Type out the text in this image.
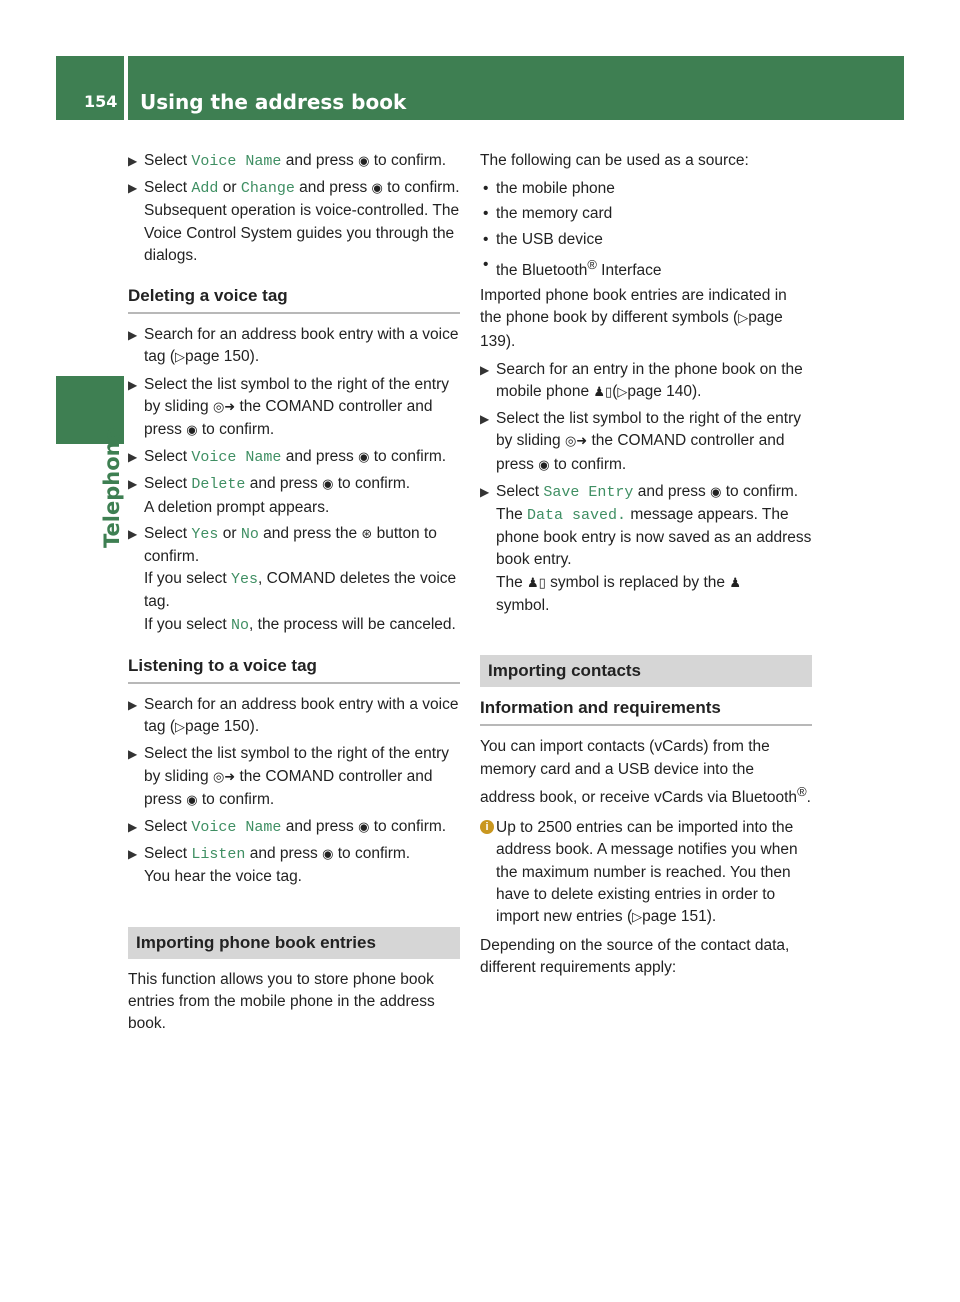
154 Using the address book
Telephone
▶ Select Voice Name and press ◉ to confirm.
▶ Select Add or Change and press ◉ to confirm.
Subsequent operation is voice-controlled. The Voice Control System guides you through the dialogs.
Deleting a voice tag
▶ Search for an address book entry with a voice tag (▷page 150).
▶ Select the list symbol to the right of the entry by sliding ◎➜ the COMAND controller and press ◉ to confirm.
▶ Select Voice Name and press ◉ to confirm.
▶ Select Delete and press ◉ to confirm.
A deletion prompt appears.
▶ Select Yes or No and press the ⊛ button to confirm.
If you select Yes, COMAND deletes the voice tag.
If you select No, the process will be canceled.
Listening to a voice tag
▶ Search for an address book entry with a voice tag (▷page 150).
▶ Select the list symbol to the right of the entry by sliding ◎➜ the COMAND controller and press ◉ to confirm.
▶ Select Voice Name and press ◉ to confirm.
▶ Select Listen and press ◉ to confirm.
You hear the voice tag.
Importing phone book entries

This function allows you to store phone book entries from the mobile phone in the address book.

The following can be used as a source:

• the mobile phone
• the memory card
• the USB device
• the Bluetooth® Interface

Imported phone book entries are indicated in the phone book by different symbols (▷page 139).

▶ Search for an entry in the phone book on the mobile phone ♟▯(▷page 140).
▶ Select the list symbol to the right of the entry by sliding ◎➜ the COMAND controller and press ◉ to confirm.
▶ Select Save Entry and press ◉ to confirm.
The Data saved. message appears. The phone book entry is now saved as an address book entry.
The ♟▯ symbol is replaced by the ♟
symbol.
Importing contacts
Information and requirements

You can import contacts (vCards) from the memory card and a USB device into the address book, or receive vCards via Bluetooth®.

i Up to 2500 entries can be imported into the address book. A message notifies you when the maximum number is reached. You then have to delete existing entries in order to import new entries (▷page 151).

Depending on the source of the contact data, different requirements apply:
